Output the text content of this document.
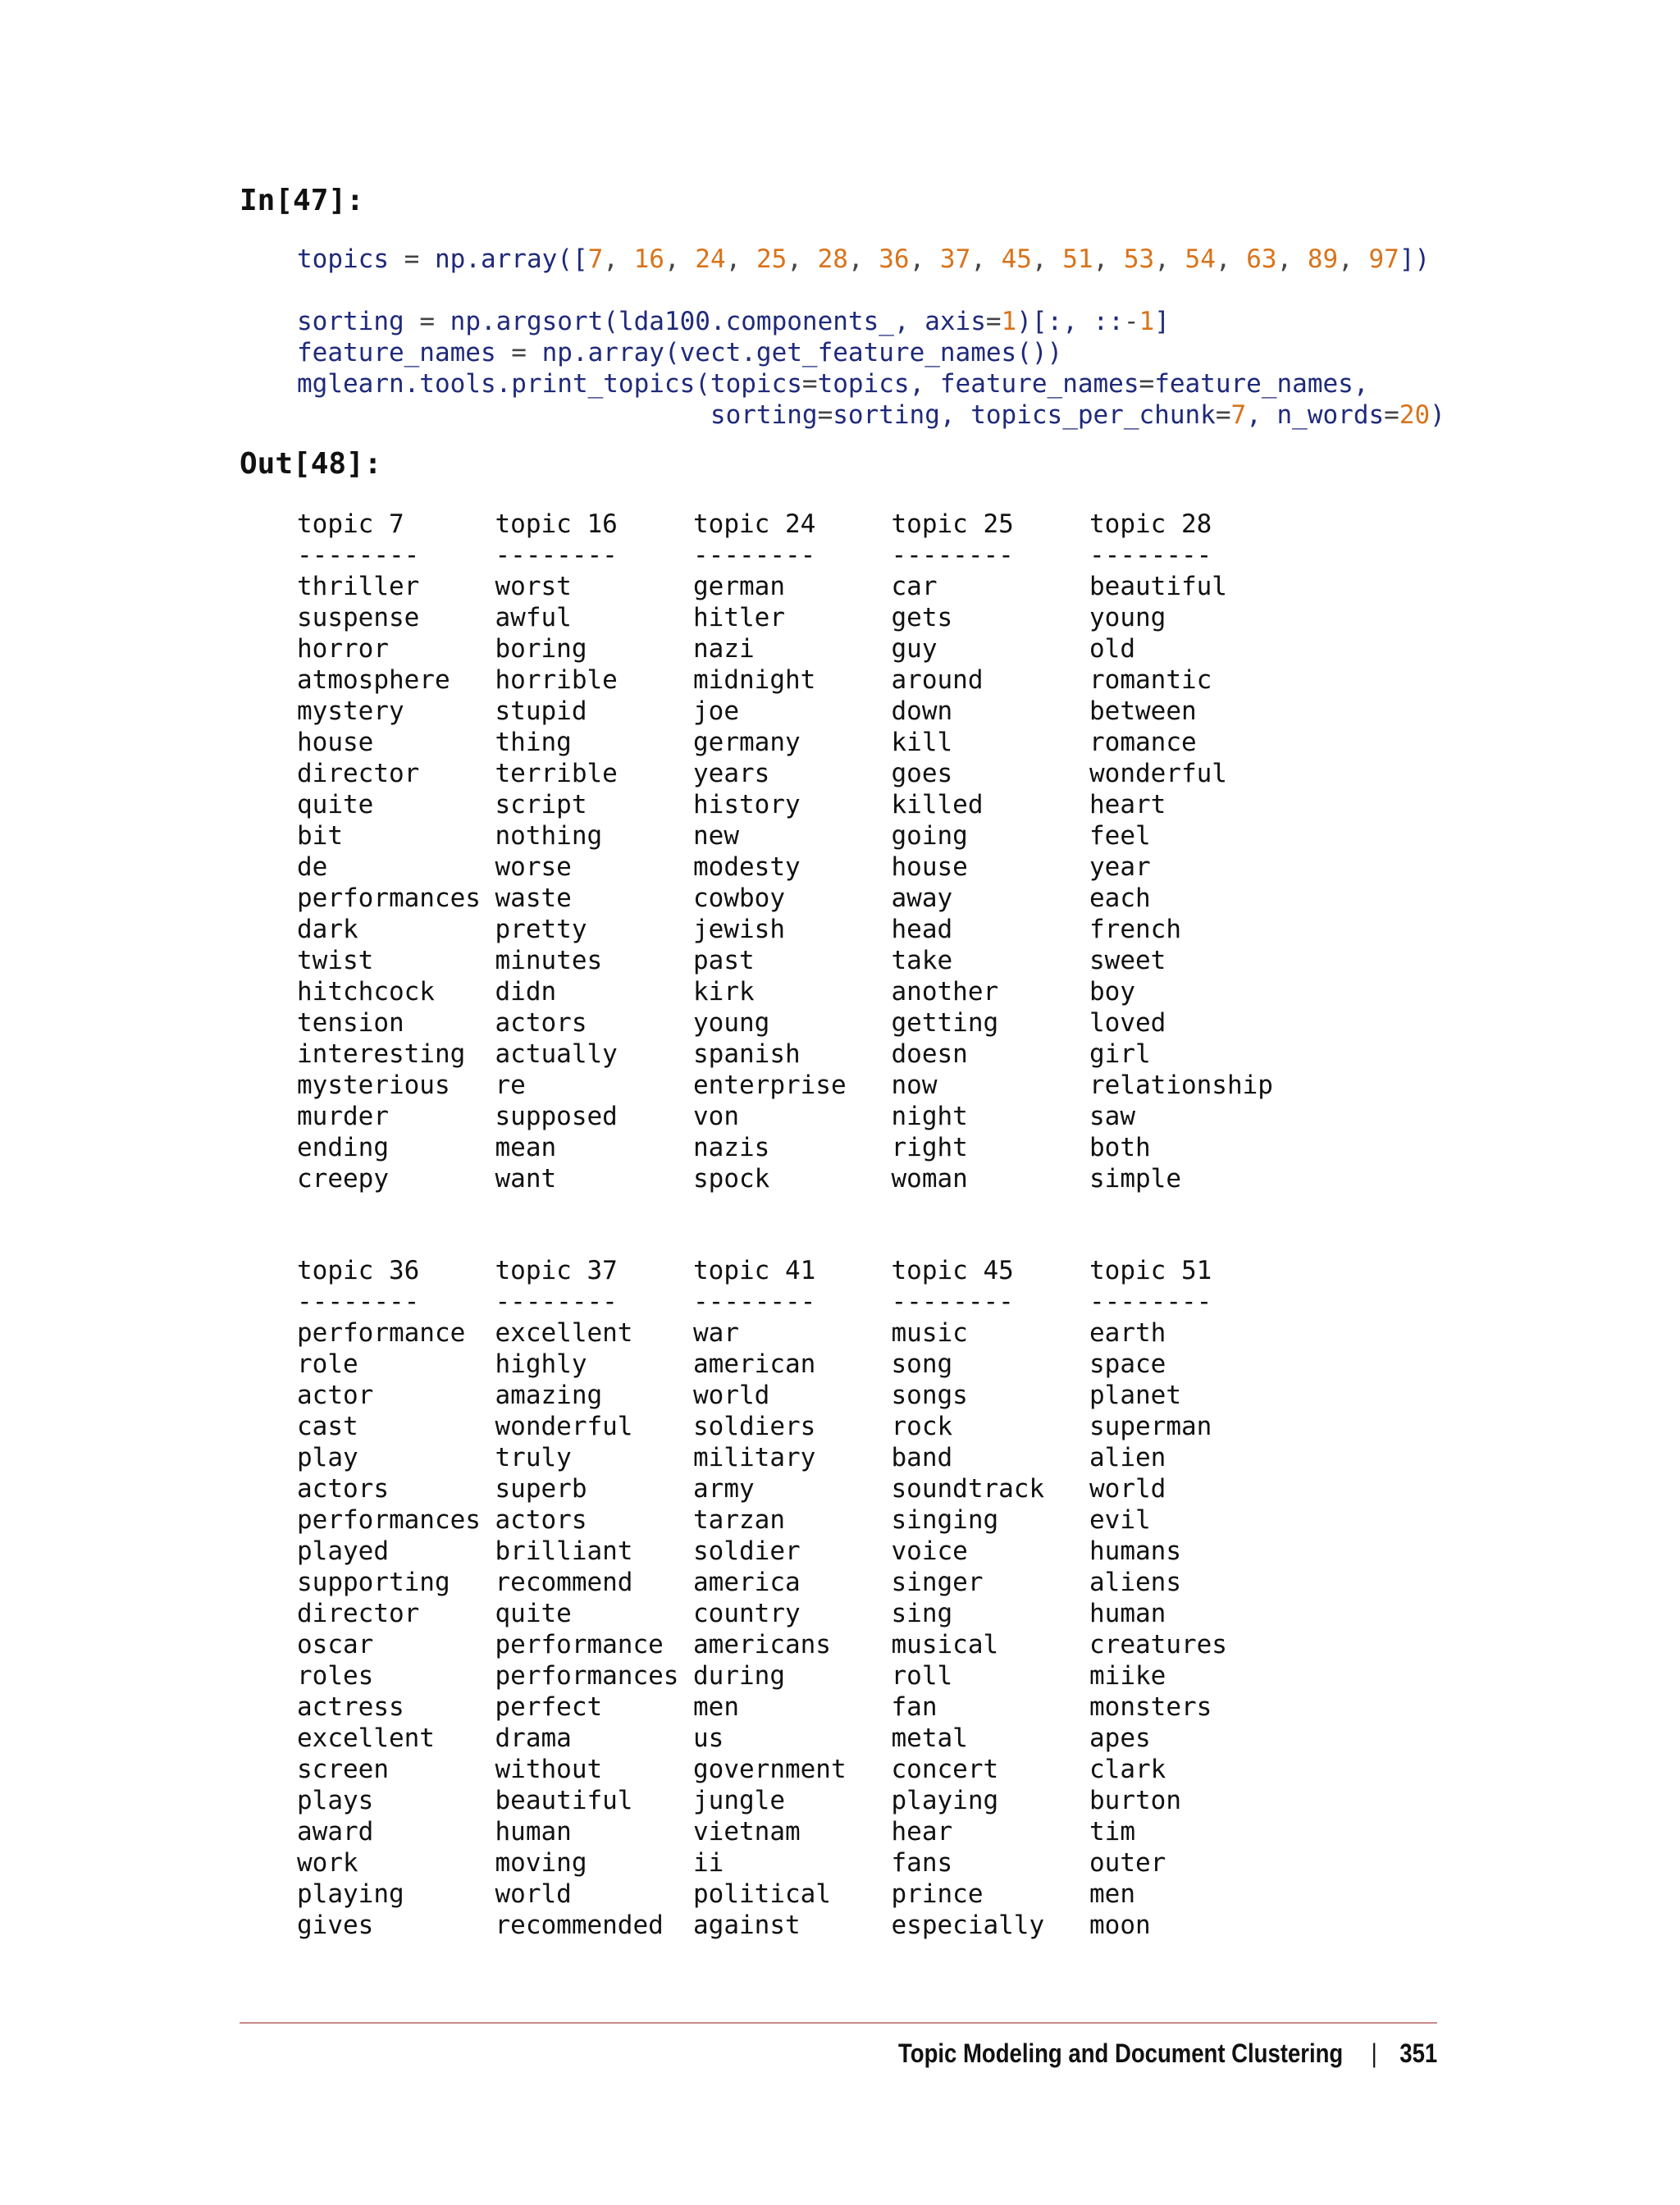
In[47]:
topics = np.array([7, 16, 24, 25, 28, 36, 37, 45, 51, 53, 54, 63, 89, 97])
sorting = np.argsort(lda100.components_, axis=1)[:, ::-1]
feature_names = np.array(vect.get_feature_names())
mglearn.tools.print_topics(topics=topics, feature_names=feature_names,
sorting=sorting, topics_per_chunk=7, n_words=20)
Out[48]:
topic 7
--------
thriller
suspense
horror
atmosphere
mystery
house
director
quite
bit
de
performances
dark
twist
hitchcock
tension
interesting
mysterious
murder
ending
creepy
topic 16
--------
worst
awful
boring
horrible
stupid
thing
terrible
script
nothing
worse
waste
pretty
minutes
didn
actors
actually
re
supposed
mean
want
topic 24
--------
german
hitler
nazi
midnight
joe
germany
years
history
new
modesty
cowboy
jewish
past
kirk
young
spanish
enterprise
von
nazis
spock
topic 25
--------
car
gets
guy
around
down
kill
goes
killed
going
house
away
head
take
another
getting
doesn
now
night
right
woman
topic 28
--------
beautiful
young
old
romantic
between
romance
wonderful
heart
feel
year
each
french
sweet
boy
loved
girl
relationship
saw
both
simple
topic 36
--------
performance
role
actor
cast
play
actors
performances
played
supporting
director
oscar
roles
actress
excellent
screen
plays
award
work
playing
gives
topic 37
--------
excellent
highly
amazing
wonderful
truly
superb
actors
brilliant
recommend
quite
performance
performances
perfect
drama
without
beautiful
human
moving
world
recommended
topic 41
--------
war
american
world
soldiers
military
army
tarzan
soldier
america
country
americans
during
men
us
government
jungle
vietnam
ii
political
against
topic 45
--------
music
song
songs
rock
band
soundtrack
singing
voice
singer
sing
musical
roll
fan
metal
concert
playing
hear
fans
prince
especially
topic 51
--------
earth
space
planet
superman
alien
world
evil
humans
aliens
human
creatures
miike
monsters
apes
clark
burton
tim
outer
men
moon
Topic Modeling and Document Clustering | 351
